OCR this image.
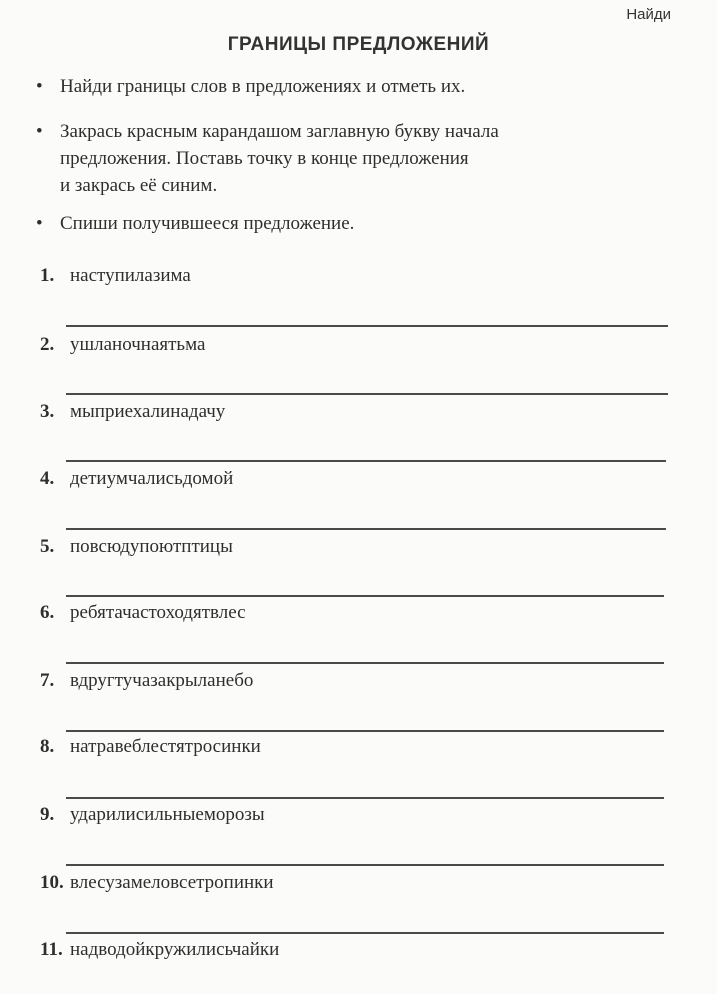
Найди
ГРАНИЦЫ ПРЕДЛОЖЕНИЙ
• Найди границы слов в предложениях и отметь их.
• Закрась красным карандашом заглавную букву начала
предложения. Поставь точку в конце предложения
и закрась её синим.
• Спиши получившееся предложение.
1. наступилазима
2. ушланочнаятьма
3. мыприехалинадачу
4. детиумчалисьдомой
5. повсюдупоютптицы
6. ребятачастоходятвлес
7. вдругтучазакрыланебо
8. натравеблестятросинки
9. ударилисильныеморозы
10. влесузамеловсетропинки
11. надводойкружилисьчайки
